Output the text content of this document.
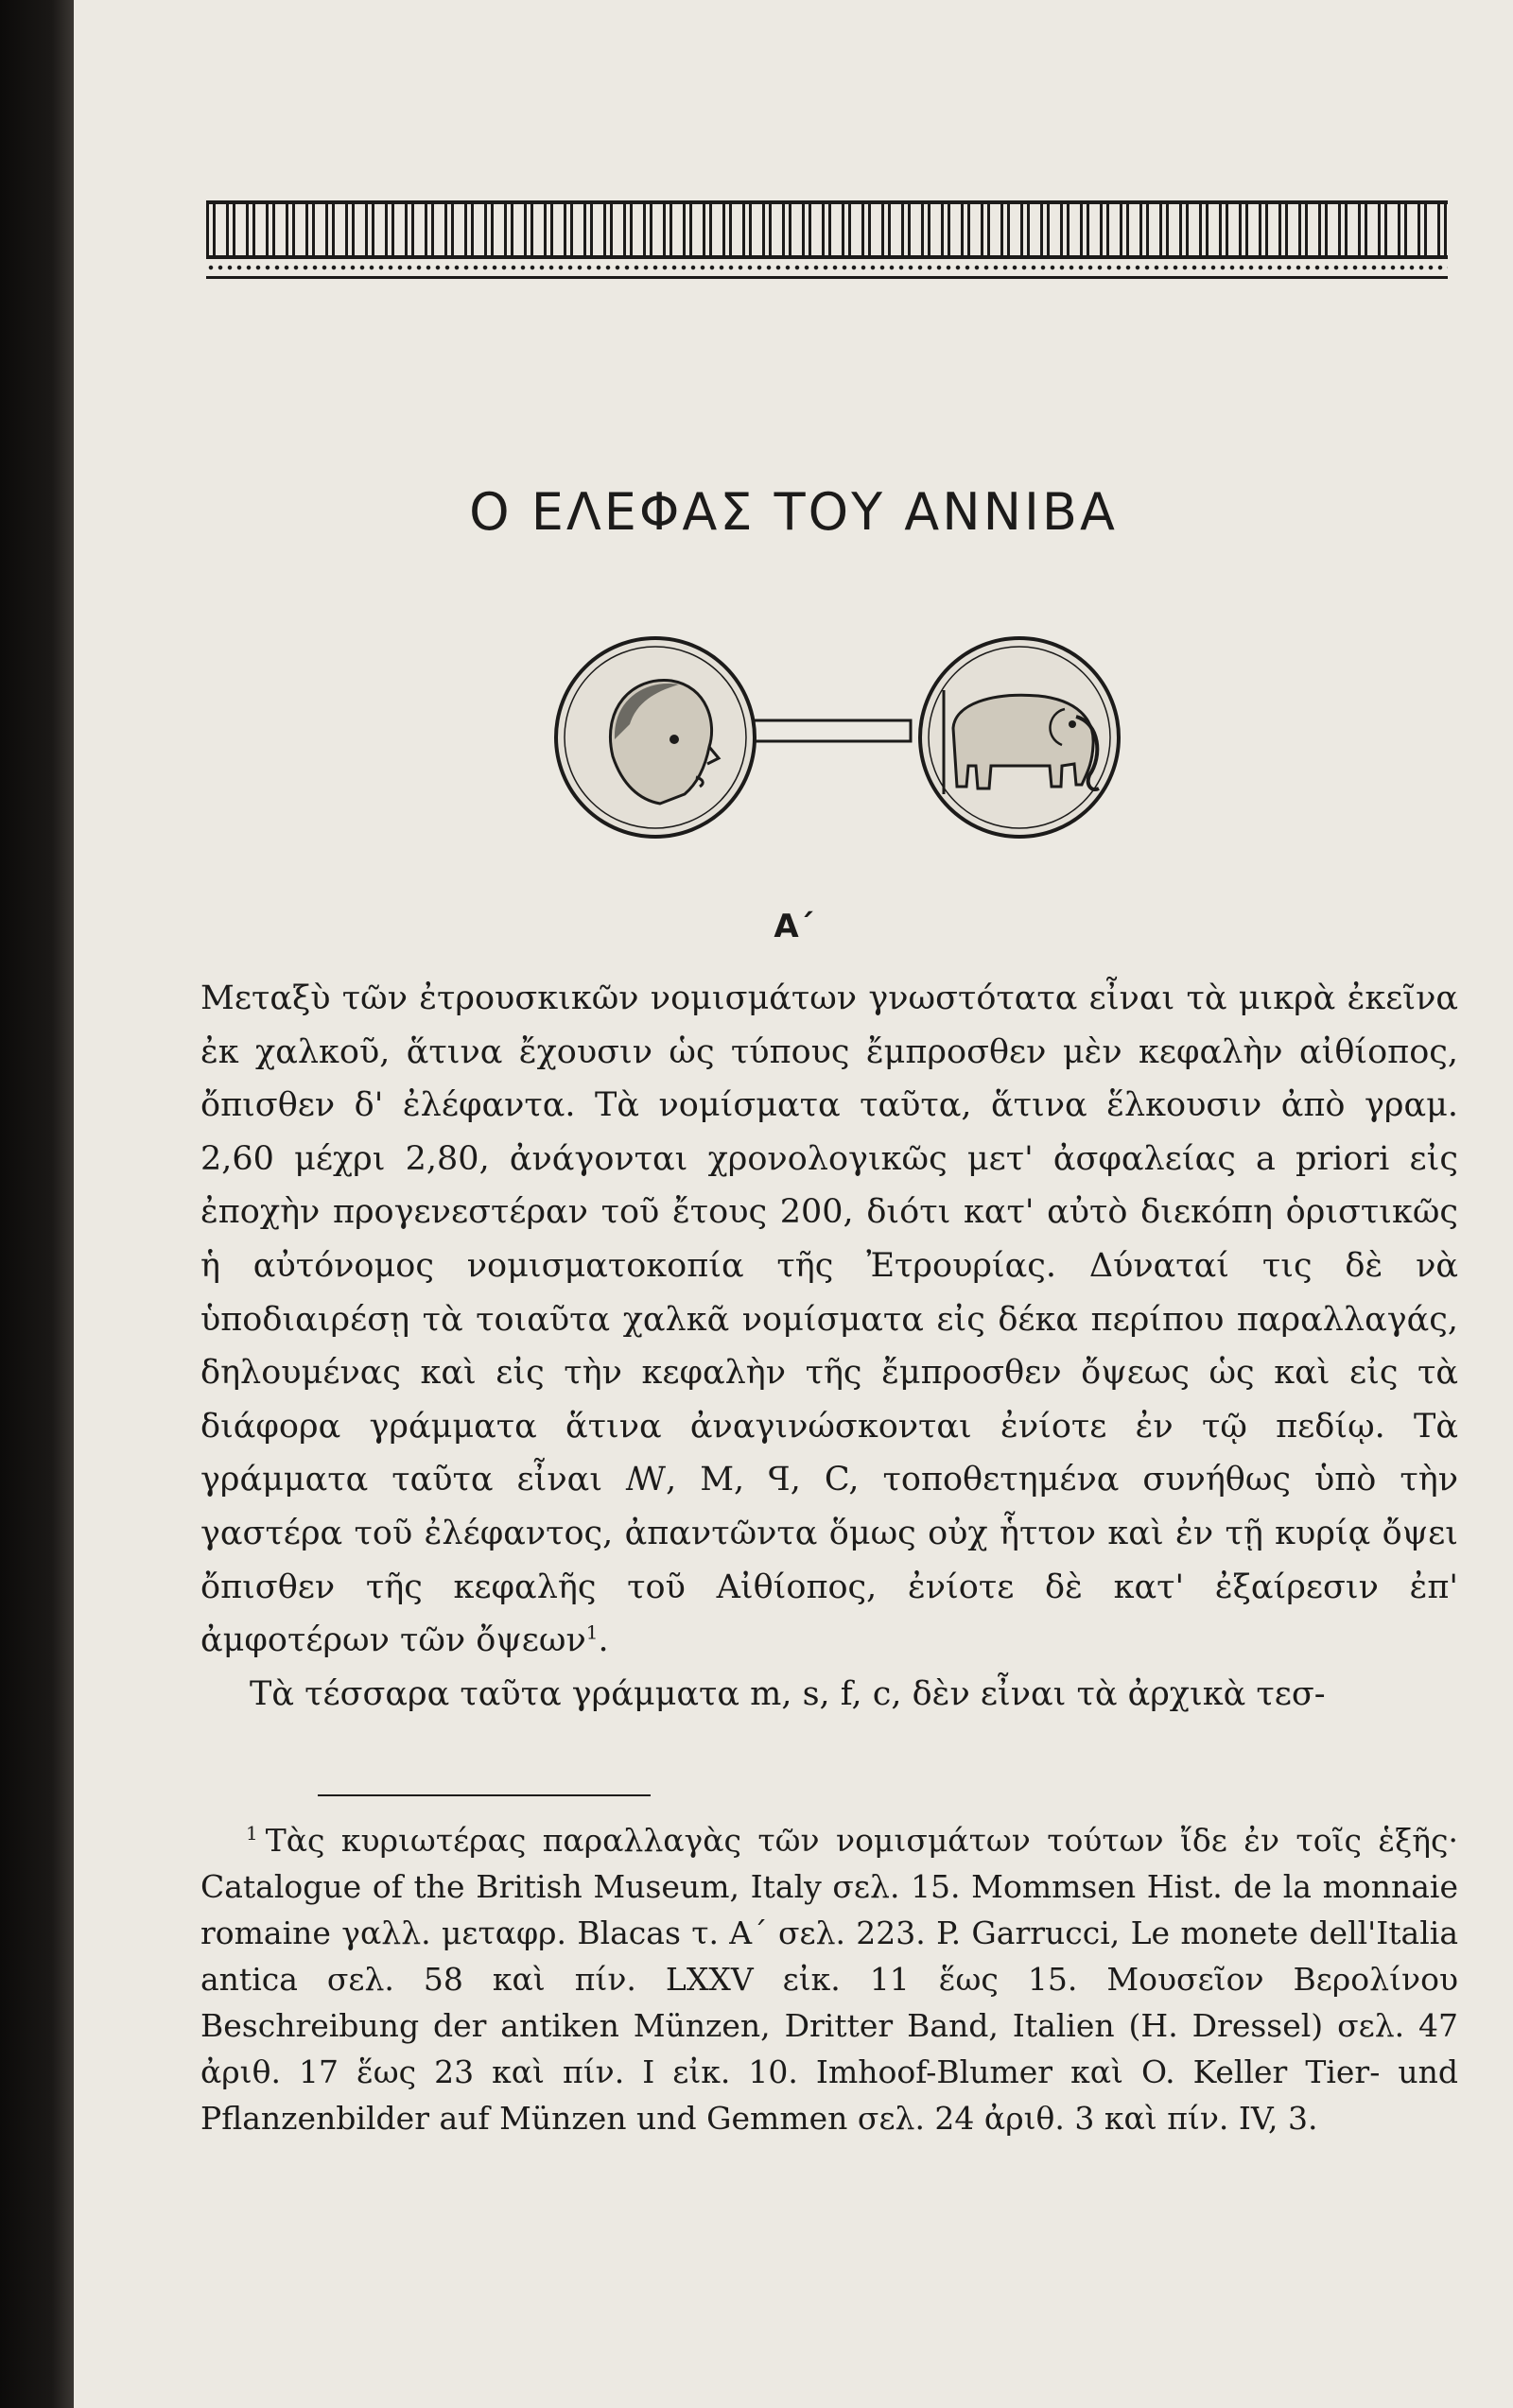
Ο ΕΛΕΦΑΣ ΤΟΥ ΑΝΝΙΒΑ
Α΄

Μεταξὺ τῶν ἐτρουσκικῶν νομισμάτων γνωστότατα εἶναι τὰ μικρὰ ἐκεῖνα ἐκ χαλκοῦ, ἅτινα ἔχουσιν ὡς τύπους ἔμπροσθεν μὲν κεφαλὴν αἰθίοπος, ὄπισθεν δ' ἐλέφαντα. Τὰ νομίσματα ταῦτα, ἅτινα ἕλκουσιν ἀπὸ γραμ. 2,60 μέχρι 2,80, ἀνάγονται χρονολογικῶς μετ' ἀσφαλείας a priori εἰς ἐποχὴν προγενεστέραν τοῦ ἔτους 200, διότι κατ' αὐτὸ διεκόπη ὁριστικῶς ἡ αὐτόνομος νομισματοκοπία τῆς Ἐτρουρίας. Δύναταί τις δὲ νὰ ὑποδιαιρέσῃ τὰ τοιαῦτα χαλκᾶ νομίσματα εἰς δέκα περίπου παραλλαγάς, δηλουμένας καὶ εἰς τὴν κεφαλὴν τῆς ἔμπροσθεν ὄψεως ὡς καὶ εἰς τὰ διάφορα γράμματα ἅτινα ἀναγινώσκονται ἐνίοτε ἐν τῷ πεδίῳ. Τὰ γράμματα ταῦτα εἶναι ꟿ, M, ꟼ, C, τοποθετημένα συνήθως ὑπὸ τὴν γαστέρα τοῦ ἐλέφαντος, ἀπαντῶντα ὅμως οὐχ ἧττον καὶ ἐν τῇ κυρίᾳ ὄψει ὄπισθεν τῆς κεφαλῆς τοῦ Αἰθίοπος, ἐνίοτε δὲ κατ' ἐξαίρεσιν ἐπ' ἀμφοτέρων τῶν ὄψεων$^1$.

Τὰ τέσσαρα ταῦτα γράμματα m, s, f, c, δὲν εἶναι τὰ ἀρχικὰ τεσ-

$^1$ Τὰς κυριωτέρας παραλλαγὰς τῶν νομισμάτων τούτων ἴδε ἐν τοῖς ἑξῆς· Catalogue of the British Museum, Italy σελ. 15. Mommsen Hist. de la monnaie romaine γαλλ. μεταφρ. Blacas τ. Α΄ σελ. 223. P. Garrucci, Le monete dell'Italia antica σελ. 58 καὶ πίν. LXXV εἰκ. 11 ἕως 15. Μουσεῖον Βερολίνου Beschreibung der antiken Münzen, Dritter Band, Italien (H. Dressel) σελ. 47 ἀριθ. 17 ἕως 23 καὶ πίν. I εἰκ. 10. Imhoof-Blumer καὶ O. Keller Tier- und Pflanzenbilder auf Münzen und Gemmen σελ. 24 ἀριθ. 3 καὶ πίν. IV, 3.
